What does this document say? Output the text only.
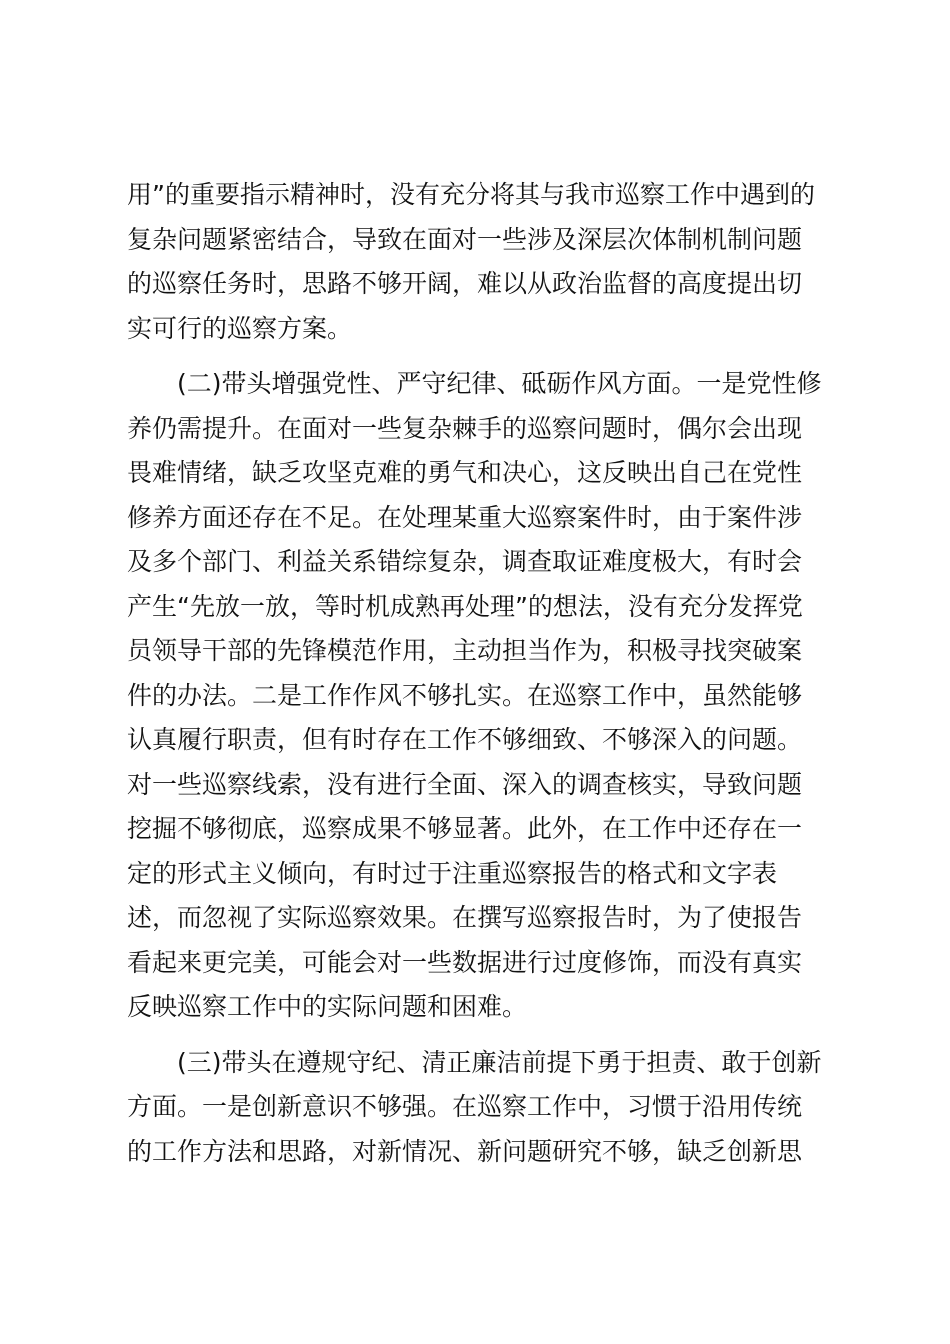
用”的重要指示精神时，没有充分将其与我市巡察工作中遇到的
复杂问题紧密结合，导致在面对一些涉及深层次体制机制问题
的巡察任务时，思路不够开阔，难以从政治监督的高度提出切
实可行的巡察方案。
　　(二)带头增强党性、严守纪律、砥砺作风方面。一是党性修
养仍需提升。在面对一些复杂棘手的巡察问题时，偶尔会出现
畏难情绪，缺乏攻坚克难的勇气和决心，这反映出自己在党性
修养方面还存在不足。在处理某重大巡察案件时，由于案件涉
及多个部门、利益关系错综复杂，调查取证难度极大，有时会
产生“先放一放，等时机成熟再处理”的想法，没有充分发挥党
员领导干部的先锋模范作用，主动担当作为，积极寻找突破案
件的办法。二是工作作风不够扎实。在巡察工作中，虽然能够
认真履行职责，但有时存在工作不够细致、不够深入的问题。
对一些巡察线索，没有进行全面、深入的调查核实，导致问题
挖掘不够彻底，巡察成果不够显著。此外，在工作中还存在一
定的形式主义倾向，有时过于注重巡察报告的格式和文字表
述，而忽视了实际巡察效果。在撰写巡察报告时，为了使报告
看起来更完美，可能会对一些数据进行过度修饰，而没有真实
反映巡察工作中的实际问题和困难。
　　(三)带头在遵规守纪、清正廉洁前提下勇于担责、敢于创新
方面。一是创新意识不够强。在巡察工作中，习惯于沿用传统
的工作方法和思路，对新情况、新问题研究不够，缺乏创新思
